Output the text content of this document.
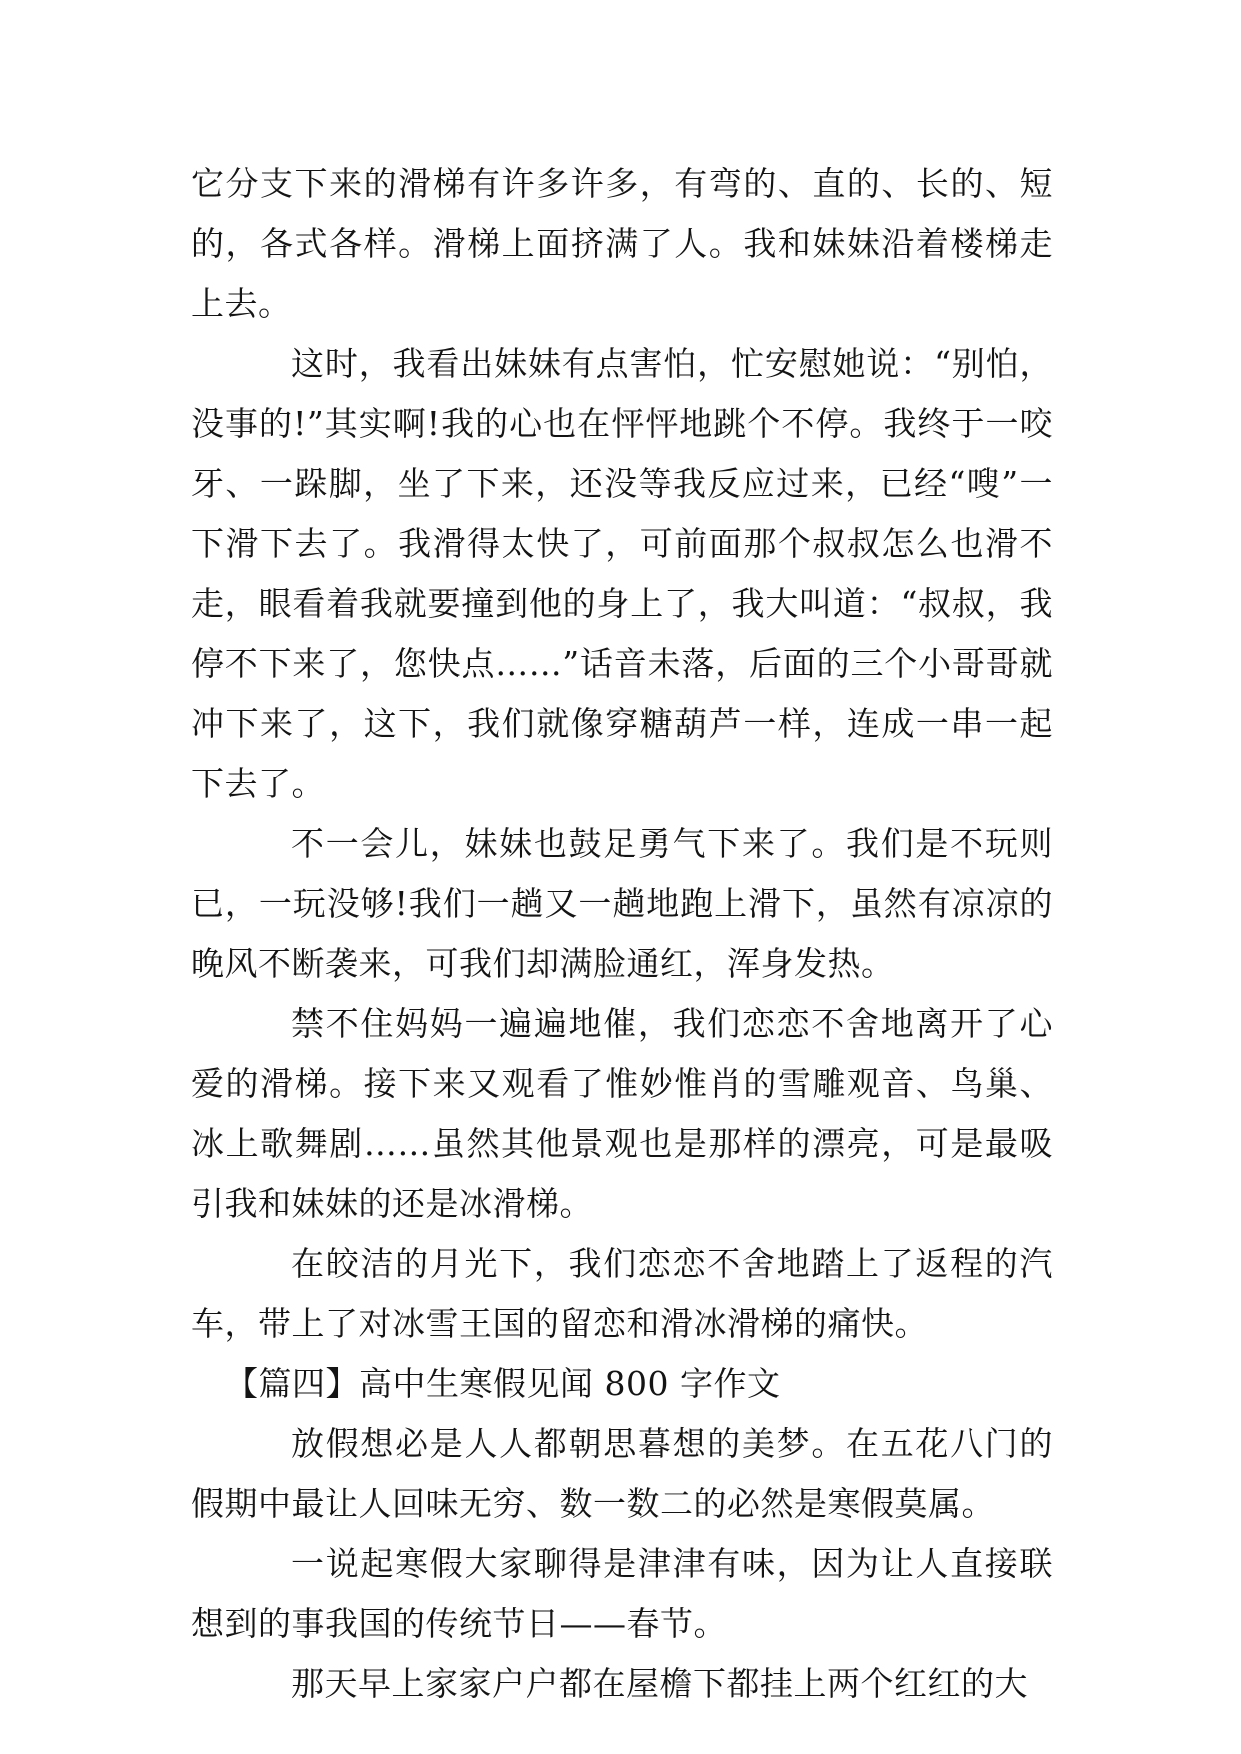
它分支下来的滑梯有许多许多，有弯的、直的、长的、短的，各式各样。滑梯上面挤满了人。我和妹妹沿着楼梯走上去。

这时，我看出妹妹有点害怕，忙安慰她说：“别怕，没事的!”其实啊!我的心也在怦怦地跳个不停。我终于一咬牙、一跺脚，坐了下来，还没等我反应过来，已经“嗖”一下滑下去了。我滑得太快了，可前面那个叔叔怎么也滑不走，眼看着我就要撞到他的身上了，我大叫道：“叔叔，我停不下来了，您快点……”话音未落，后面的三个小哥哥就冲下来了，这下，我们就像穿糖葫芦一样，连成一串一起下去了。

不一会儿，妹妹也鼓足勇气下来了。我们是不玩则已，一玩没够!我们一趟又一趟地跑上滑下，虽然有凉凉的晚风不断袭来，可我们却满脸通红，浑身发热。

禁不住妈妈一遍遍地催，我们恋恋不舍地离开了心爱的滑梯。接下来又观看了惟妙惟肖的雪雕观音、鸟巢、冰上歌舞剧……虽然其他景观也是那样的漂亮，可是最吸引我和妹妹的还是冰滑梯。

在皎洁的月光下，我们恋恋不舍地踏上了返程的汽车，带上了对冰雪王国的留恋和滑冰滑梯的痛快。

【篇四】高中生寒假见闻 800 字作文

放假想必是人人都朝思暮想的美梦。在五花八门的假期中最让人回味无穷、数一数二的必然是寒假莫属。

一说起寒假大家聊得是津津有味，因为让人直接联想到的事我国的传统节日——春节。

那天早上家家户户都在屋檐下都挂上两个红红的大
